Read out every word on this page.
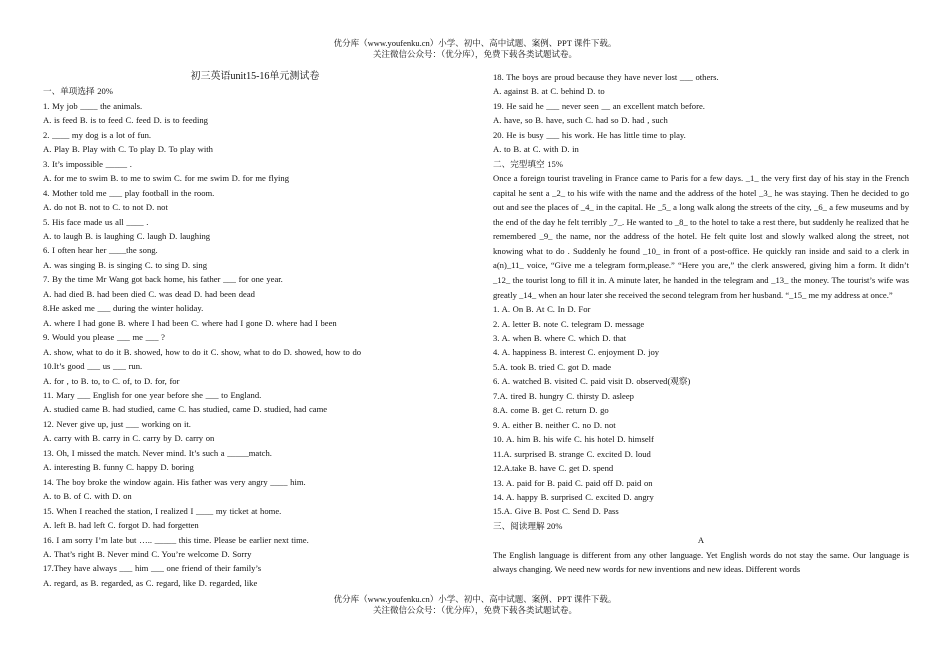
优分库（www.youfenku.cn）小学、初中、高中试题、案例、PPT 课件下载。
关注微信公众号：（优分库），免费下载各类试题试卷。
初三英语unit15-16单元测试卷
一、单项选择 20%
1. My job ____ the animals.
A. is feed B. is to feed C. feed D. is to feeding
2. ____ my dog is a lot of fun.
A. Play B. Play with C. To play D. To play with
3. It’s impossible _____ .
A. for me to swim B. to me to swim C. for me swim D. for me flying
4. Mother told me ___ play football in the room.
A. do not B. not to C. to not D. not
5. His face made us all ____ .
A. to laugh B. is laughing C. laugh D. laughing
6. I often hear her ____the song.
A. was singing B. is singing C. to sing D. sing
7. By the time Mr Wang got back home, his father ___ for one year.
A. had died B. had been died C. was dead D. had been dead
8.He asked me ___ during the winter holiday.
A. where I had gone B. where I had been C. where had I gone D. where had I been
9. Would you please ___ me ___ ?
A. show, what to do it B. showed, how to do it C. show, what to do D. showed, how to do
10.It’s good ___ us ___ run.
A. for , to B. to, to C. of, to D. for, for
11. Mary ___ English for one year before she ___ to England.
A. studied came B. had studied, came C. has studied, came D. studied, had came
12. Never give up, just ___ working on it.
A. carry with B. carry in C. carry by D. carry on
13. Oh, I missed the match. Never mind. It’s such a _____match.
A. interesting B. funny C. happy D. boring
14. The boy broke the window again. His father was very angry ____ him.
A. to B. of C. with D. on
15. When I reached the station, I realized I ____ my ticket at home.
A. left B. had left C. forgot D. had forgetten
16. I am sorry I’m late but ….. _____ this time. Please be earlier next time.
A. That’s right B. Never mind C. You’re welcome D. Sorry
17.They have always ___ him ___ one friend of their family’s
A. regard, as B. regarded, as C. regard, like D. regarded, like
18. The boys are proud because they have never lost ___ others.
A. against B. at C. behind D. to
19. He said he ___ never seen __ an excellent match before.
A. have, so B. have, such C. had so D. had , such
20. He is busy ___ his work. He has little time to play.
A. to B. at C. with D. in
二、完型填空 15%
Once a foreign tourist traveling in France came to Paris for a few days. _1_ the very first day of his stay in the French capital he sent a _2_ to his wife with the name and the address of the hotel _3_ he was staying. Then he decided to go out and see the places of _4_ in the capital. He _5_ a long walk along the streets of the city, _6_ a few museums and by the end of the day he felt terribly _7_. He wanted to _8_ to the hotel to take a rest there, but suddenly he realized that he remembered _9_ the name, nor the address of the hotel. He felt quite lost and slowly walked along the street, not knowing what to do . Suddenly he found _10_ in front of a post-office. He quickly ran inside and said to a clerk in a(n)_11_ voice, “Give me a telegram form,please.” “Here you are,” the clerk answered, giving him a form. It didn’t _12_ the tourist long to fill it in. A minute later, he handed in the telegram and _13_ the money. The tourist’s wife was greatly _14_ when an hour later she received the second telegram from her husband. “_15_ me my address at once.”
1. A. On B. At C. In D. For
2. A. letter B. note C. telegram D. message
3. A. when B. where C. which D. that
4. A. happiness B. interest C. enjoyment D. joy
5.A. took B. tried C. got D. made
6. A. watched B. visited C. paid visit D. observed(观察)
7.A. tired B. hungry C. thirsty D. asleep
8.A. come B. get C. return D. go
9. A. either B. neither C. no D. not
10. A. him B. his wife C. his hotel D. himself
11.A. surprised B. strange C. excited D. loud
12.A.take B. have C. get D. spend
13. A. paid for B. paid C. paid off D. paid on
14. A. happy B. surprised C. excited D. angry
15.A. Give B. Post C. Send D. Pass
三、阅读理解 20%
A
The English language is different from any other language. Yet English words do not stay the same. Our language is always changing. We need new words for new inventions and new ideas. Different words
优分库（www.youfenku.cn）小学、初中、高中试题、案例、PPT 课件下载。
关注微信公众号：（优分库），免费下载各类试题试卷。
